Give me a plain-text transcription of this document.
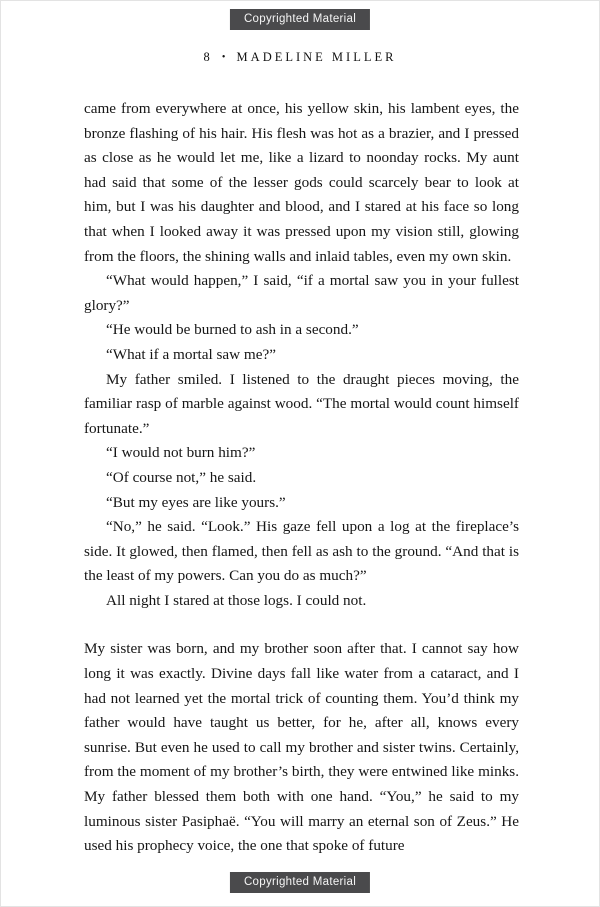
Copyrighted Material
8 • MADELINE MILLER

came from everywhere at once, his yellow skin, his lambent eyes, the bronze flashing of his hair. His flesh was hot as a brazier, and I pressed as close as he would let me, like a lizard to noonday rocks. My aunt had said that some of the lesser gods could scarcely bear to look at him, but I was his daughter and blood, and I stared at his face so long that when I looked away it was pressed upon my vision still, glowing from the floors, the shining walls and inlaid tables, even my own skin.

“What would happen,” I said, “if a mortal saw you in your fullest glory?”

“He would be burned to ash in a second.”

“What if a mortal saw me?”

My father smiled. I listened to the draught pieces moving, the familiar rasp of marble against wood. “The mortal would count himself fortunate.”

“I would not burn him?”

“Of course not,” he said.

“But my eyes are like yours.”

“No,” he said. “Look.” His gaze fell upon a log at the fireplace’s side. It glowed, then flamed, then fell as ash to the ground. “And that is the least of my powers. Can you do as much?”

All night I stared at those logs. I could not.

My sister was born, and my brother soon after that. I cannot say how long it was exactly. Divine days fall like water from a cataract, and I had not learned yet the mortal trick of counting them. You’d think my father would have taught us better, for he, after all, knows every sunrise. But even he used to call my brother and sister twins. Certainly, from the moment of my brother’s birth, they were entwined like minks. My father blessed them both with one hand. “You,” he said to my luminous sister Pasiphaë. “You will marry an eternal son of Zeus.” He used his prophecy voice, the one that spoke of future

Copyrighted Material
